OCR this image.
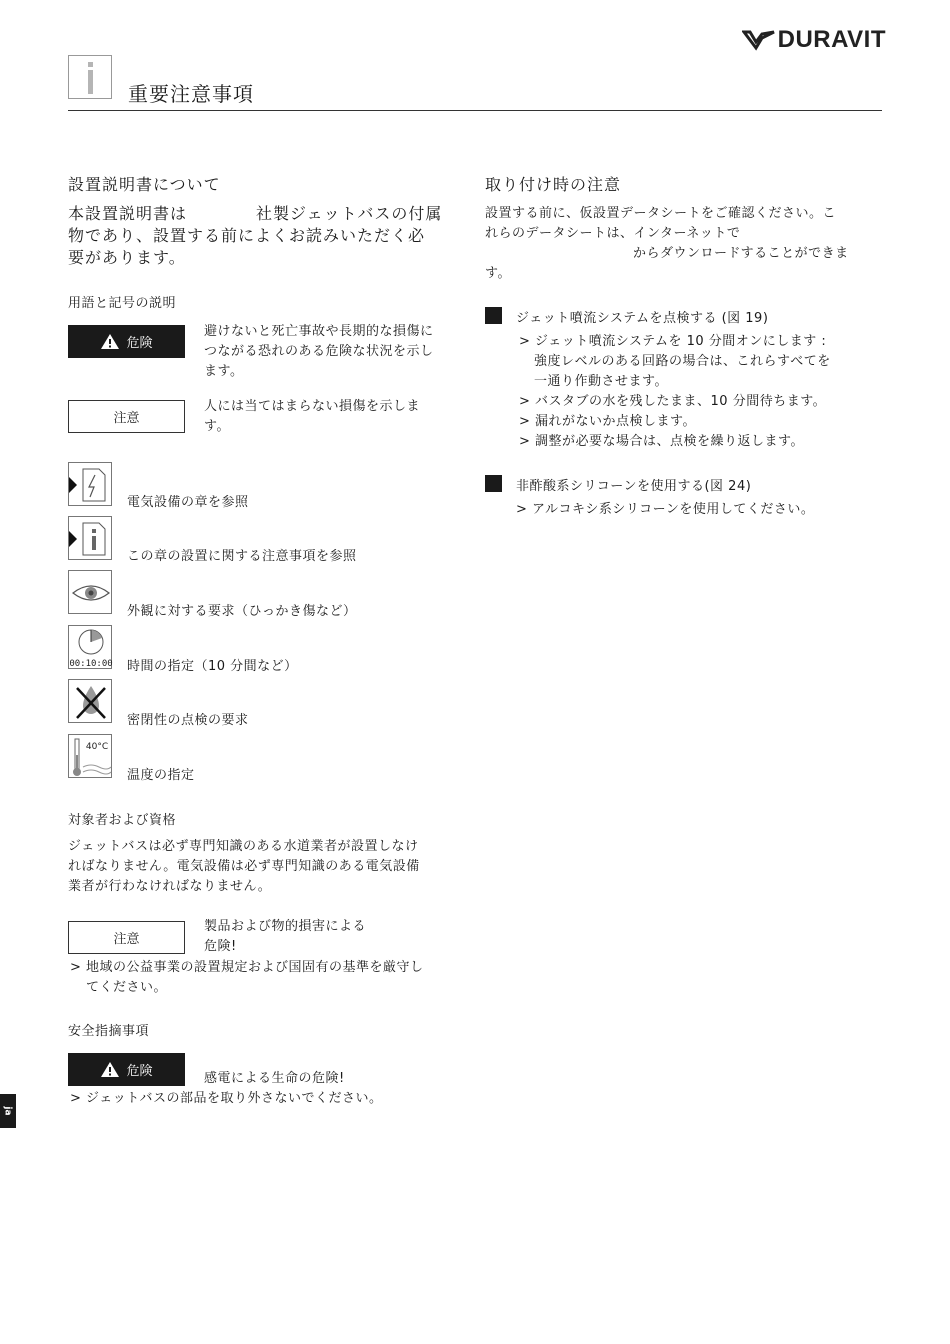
DURAVIT
重要注意事項
設置説明書について
本設置説明書は	社製ジェットバスの付属
物であり、設置する前によくお読みいただく必
要があります。
用語と記号の説明
危険
避けないと死亡事故や長期的な損傷に
つながる恐れのある危険な状況を示し
ます。
注意
人には当てはまらない損傷を示しま
す。
電気設備の章を参照
この章の設置に関する注意事項を参照
外観に対する要求（ひっかき傷など）
00:10:00 時間の指定（10 分間など）
密閉性の点検の要求
40°C
温度の指定
対象者および資格
ジェットバスは必ず専門知識のある水道業者が設置しなけ
ればなりません。電気設備は必ず専門知識のある電気設備
業者が行わなければなりません。
注意
製品および物的損害による
危険!
> 地域の公益事業の設置規定および国固有の基準を厳守し
てください。
安全指摘事項
危険	感電による生命の危険!
> ジェットバスの部品を取り外さないでください。
取り付け時の注意
設置する前に、仮設置データシートをご確認ください。こ
れらのデータシートは、インターネットで
からダウンロードすることができま
す。
ジェット噴流システムを点検する (図 19)
> ジェット噴流システムを 10 分間オンにします :
強度レベルのある回路の場合は、これらすべてを
一通り作動させます。
> バスタブの水を残したまま、10 分間待ちます。
> 漏れがないか点検します。
> 調整が必要な場合は、点検を繰り返します。
非酢酸系シリコーンを使用する(図 24)
> アルコキシ系シリコーンを使用してください。
ja
